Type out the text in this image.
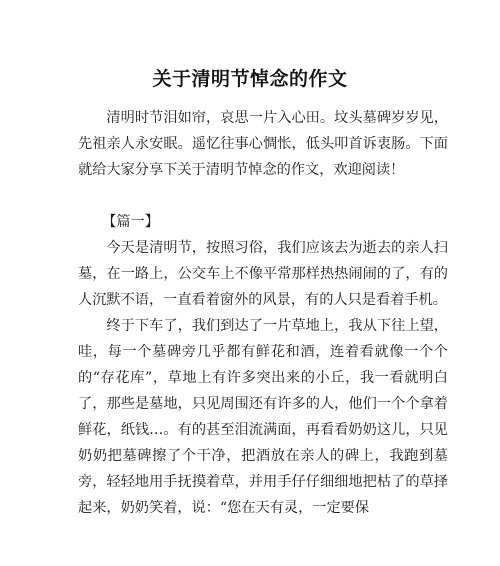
关于清明节悼念的作文

清明时节泪如帘，哀思一片入心田。坟头墓碑岁岁见，先祖亲人永安眠。遥忆往事心惆怅，低头叩首诉衷肠。下面就给大家分享下关于清明节悼念的作文，欢迎阅读！

【篇一】

今天是清明节，按照习俗，我们应该去为逝去的亲人扫墓，在一路上，公交车上不像平常那样热热闹闹的了，有的人沉默不语，一直看着窗外的风景，有的人只是看着手机。

终于下车了，我们到达了一片草地上，我从下往上望，哇，每一个墓碑旁几乎都有鲜花和酒，连着看就像一个个的“存花库”，草地上有许多突出来的小丘，我一看就明白了，那些是墓地，只见周围还有许多的人，他们一个个拿着鲜花，纸钱…。有的甚至泪流满面，再看看奶奶这儿，只见奶奶把墓碑擦了个干净，把酒放在亲人的碑上，我跑到墓旁，轻轻地用手抚摸着草，并用手仔仔细细地把枯了的草择起来，奶奶笑着，说：“您在天有灵，一定要保
